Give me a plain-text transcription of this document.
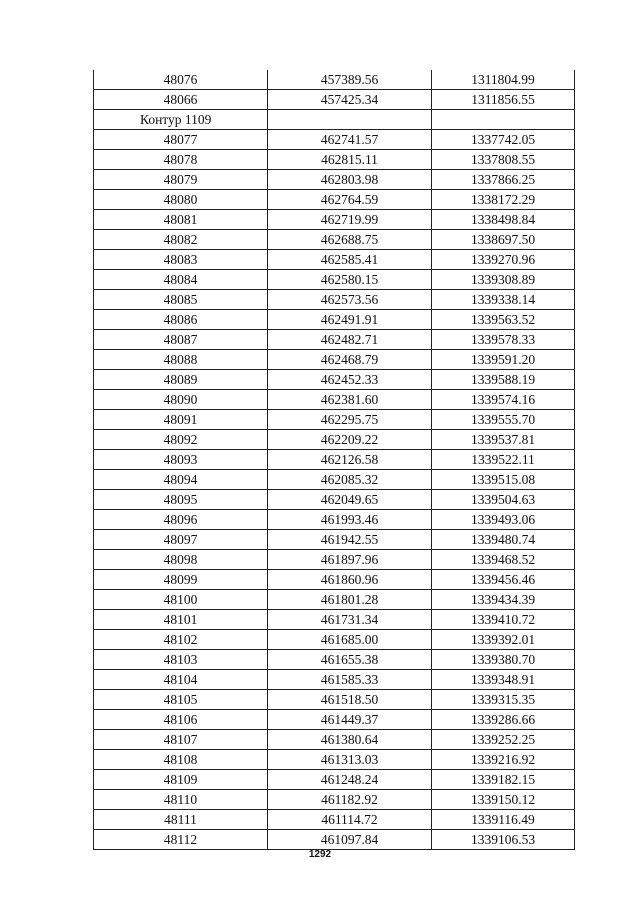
48076	457389.56	1311804.99
48066	457425.34	1311856.55
Контур 1109		
48077	462741.57	1337742.05
48078	462815.11	1337808.55
48079	462803.98	1337866.25
48080	462764.59	1338172.29
48081	462719.99	1338498.84
48082	462688.75	1338697.50
48083	462585.41	1339270.96
48084	462580.15	1339308.89
48085	462573.56	1339338.14
48086	462491.91	1339563.52
48087	462482.71	1339578.33
48088	462468.79	1339591.20
48089	462452.33	1339588.19
48090	462381.60	1339574.16
48091	462295.75	1339555.70
48092	462209.22	1339537.81
48093	462126.58	1339522.11
48094	462085.32	1339515.08
48095	462049.65	1339504.63
48096	461993.46	1339493.06
48097	461942.55	1339480.74
48098	461897.96	1339468.52
48099	461860.96	1339456.46
48100	461801.28	1339434.39
48101	461731.34	1339410.72
48102	461685.00	1339392.01
48103	461655.38	1339380.70
48104	461585.33	1339348.91
48105	461518.50	1339315.35
48106	461449.37	1339286.66
48107	461380.64	1339252.25
48108	461313.03	1339216.92
48109	461248.24	1339182.15
48110	461182.92	1339150.12
48111	461114.72	1339116.49
48112	461097.84	1339106.53
1292
